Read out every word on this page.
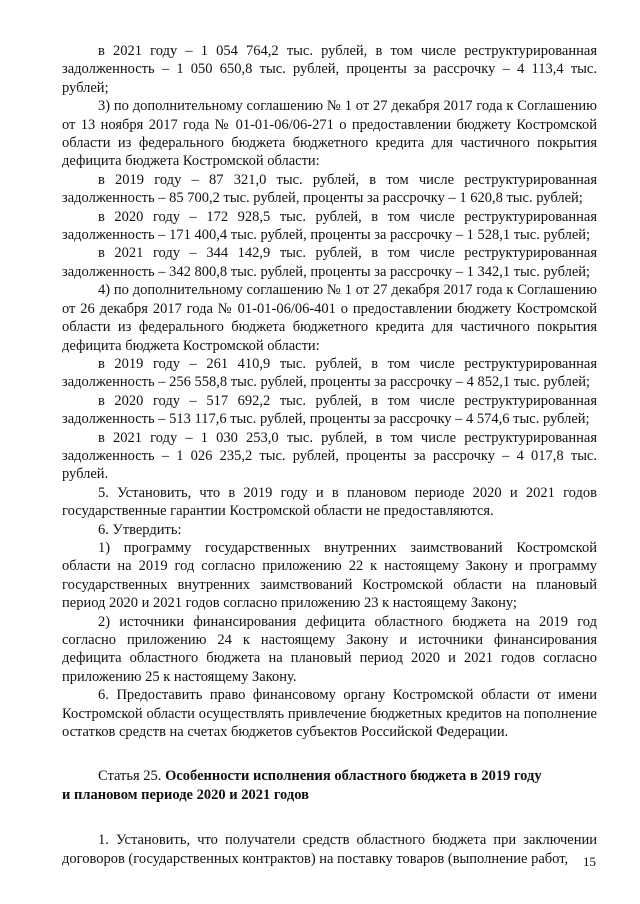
в 2021 году – 1 054 764,2 тыс. рублей, в том числе реструктурированная задолженность – 1 050 650,8 тыс. рублей, проценты за рассрочку – 4 113,4 тыс. рублей;

3) по дополнительному соглашению № 1 от 27 декабря 2017 года к Соглашению от 13 ноября 2017 года № 01-01-06/06-271 о предоставлении бюджету Костромской области из федерального бюджета бюджетного кредита для частичного покрытия дефицита бюджета Костромской области:

в 2019 году – 87 321,0 тыс. рублей, в том числе реструктурированная задолженность – 85 700,2 тыс. рублей, проценты за рассрочку – 1 620,8 тыс. рублей;

в 2020 году – 172 928,5 тыс. рублей, в том числе реструктурированная задолженность – 171 400,4 тыс. рублей, проценты за рассрочку – 1 528,1 тыс. рублей;

в 2021 году – 344 142,9 тыс. рублей, в том числе реструктурированная задолженность – 342 800,8 тыс. рублей, проценты за рассрочку – 1 342,1 тыс. рублей;

4) по дополнительному соглашению № 1 от 27 декабря 2017 года к Соглашению от 26 декабря 2017 года № 01-01-06/06-401 о предоставлении бюджету Костромской области из федерального бюджета бюджетного кредита для частичного покрытия дефицита бюджета Костромской области:

в 2019 году – 261 410,9 тыс. рублей, в том числе реструктурированная задолженность – 256 558,8 тыс. рублей, проценты за рассрочку – 4 852,1 тыс. рублей;

в 2020 году – 517 692,2 тыс. рублей, в том числе реструктурированная задолженность – 513 117,6 тыс. рублей, проценты за рассрочку – 4 574,6 тыс. рублей;

в 2021 году – 1 030 253,0 тыс. рублей, в том числе реструктурированная задолженность – 1 026 235,2 тыс. рублей, проценты за рассрочку – 4 017,8 тыс. рублей.

5. Установить, что в 2019 году и в плановом периоде 2020 и 2021 годов государственные гарантии Костромской области не предоставляются.

6. Утвердить:

1) программу государственных внутренних заимствований Костромской области на 2019 год согласно приложению 22 к настоящему Закону и программу государственных внутренних заимствований Костромской области на плановый период 2020 и 2021 годов согласно приложению 23 к настоящему Закону;

2) источники финансирования дефицита областного бюджета на 2019 год согласно приложению 24 к настоящему Закону и источники финансирования дефицита областного бюджета на плановый период 2020 и 2021 годов согласно приложению 25 к настоящему Закону.

6. Предоставить право финансовому органу Костромской области от имени Костромской области осуществлять привлечение бюджетных кредитов на пополнение остатков средств на счетах бюджетов субъектов Российской Федерации.

Статья 25. Особенности исполнения областного бюджета в 2019 году
и плановом периоде 2020 и 2021 годов

1. Установить, что получатели средств областного бюджета при заключении договоров (государственных контрактов) на поставку товаров (выполнение работ,	15
